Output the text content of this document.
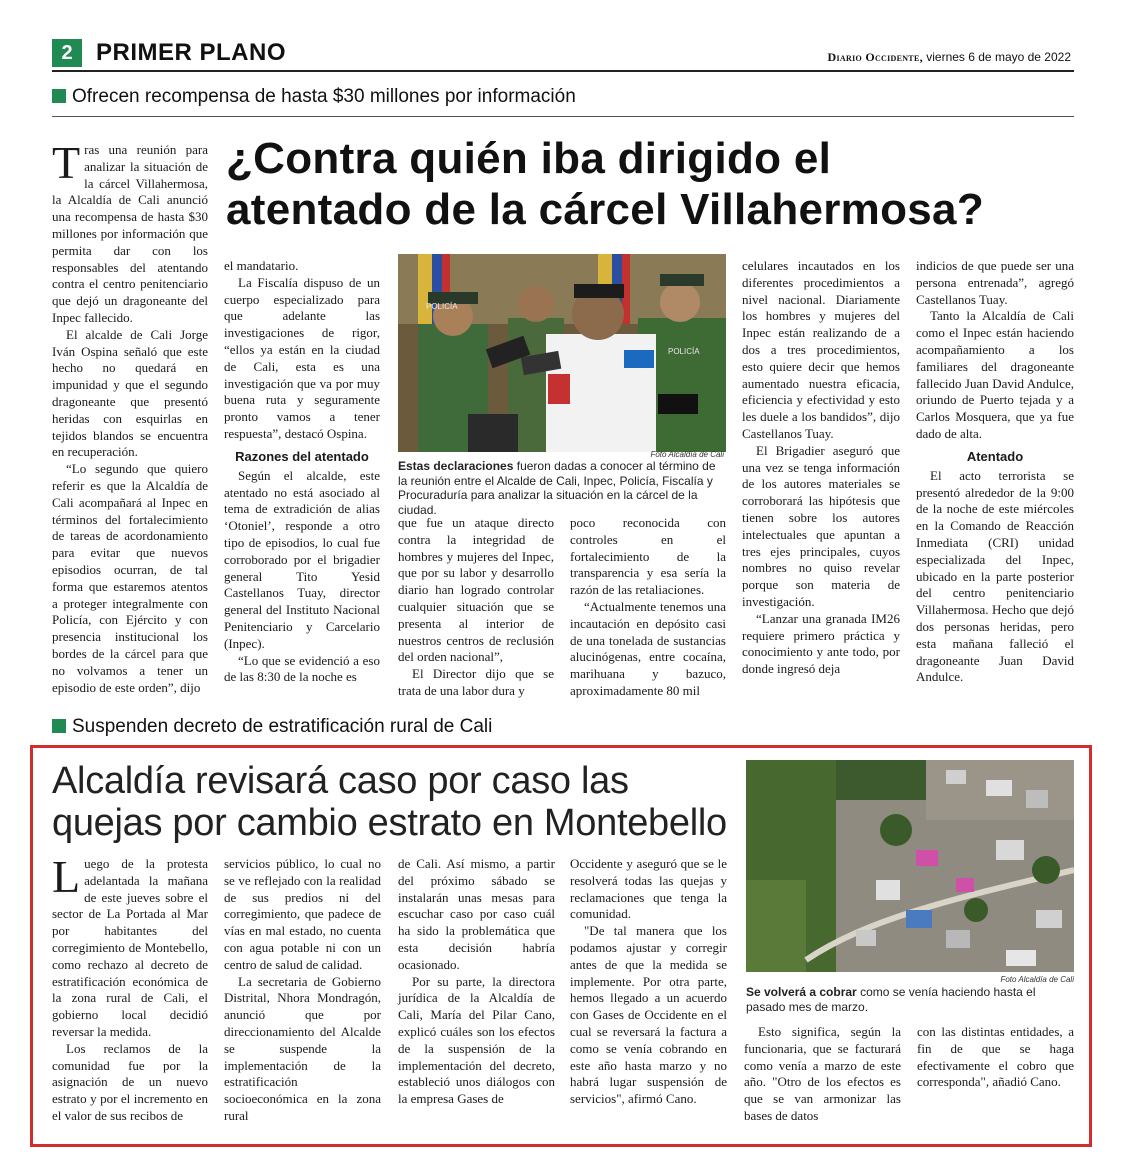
2 PRIMER PLANO	Diario Occidente, viernes 6 de mayo de 2022
Ofrecen recompensa de hasta $30 millones por información
¿Contra quién iba dirigido el
atentado de la cárcel Villahermosa?

Tras una reunión para analizar la situación de la cárcel Villahermosa, la Alcaldía de Cali anunció una recompensa de hasta $30 millones por información que permita dar con los responsables del atentando contra el centro penitenciario que dejó un dragoneante del Inpec fallecido.

El alcalde de Cali Jorge Iván Ospina señaló que este hecho no quedará en impunidad y que el segundo dragoneante que presentó heridas con esquirlas en tejidos blandos se encuentra en recuperación.

“Lo segundo que quiero referir es que la Alcaldía de Cali acompañará al Inpec en términos del fortalecimiento de tareas de acordonamiento para evitar que nuevos episodios ocurran, de tal forma que estaremos atentos a proteger integralmente con Policía, con Ejército y con presencia institucional los bordes de la cárcel para que no volvamos a tener un episodio de este orden”, dijo

el mandatario.

La Fiscalía dispuso de un cuerpo especializado para que adelante las investigaciones de rigor, “ellos ya están en la ciudad de Cali, esta es una investigación que va por muy buena ruta y seguramente pronto vamos a tener respuesta”, destacó Ospina.

Razones del atentado

Según el alcalde, este atentado no está asociado al tema de extradición de alias ‘Otoniel’, responde a otro tipo de episodios, lo cual fue corroborado por el brigadier general Tito Yesid Castellanos Tuay, director general del Instituto Nacional Penitenciario y Carcelario (Inpec).

“Lo que se evidenció a eso de las 8:30 de la noche es

POLICÍA
POLICÍA
Foto Alcaldía de Cali
Estas declaraciones fueron dadas a conocer al término de la reunión entre el Alcalde de Cali, Inpec, Policía, Fiscalía y Procuraduría para analizar la situación en la cárcel de la ciudad.

que fue un ataque directo contra la integridad de hombres y mujeres del Inpec, que por su labor y desarrollo diario han logrado controlar cualquier situación que se presenta al interior de nuestros centros de reclusión del orden nacional”,

El Director dijo que se trata de una labor dura y

poco reconocida con controles en el fortalecimiento de la transparencia y esa sería la razón de las retaliaciones.

“Actualmente tenemos una incautación en depósito casi de una tonelada de sustancias alucinógenas, entre cocaína, marihuana y bazuco, aproximadamente 80 mil

celulares incautados en los diferentes procedimientos a nivel nacional. Diariamente los hombres y mujeres del Inpec están realizando de a dos a tres procedimientos, esto quiere decir que hemos aumentado nuestra eficacia, eficiencia y efectividad y esto les duele a los bandidos”, dijo Castellanos Tuay.

El Brigadier aseguró que una vez se tenga información de los autores materiales se corroborará las hipótesis que tienen sobre los autores intelectuales que apuntan a tres ejes principales, cuyos nombres no quiso revelar porque son materia de investigación.

“Lanzar una granada IM26 requiere primero práctica y conocimiento y ante todo, por donde ingresó deja

indicios de que puede ser una persona entrenada”, agregó Castellanos Tuay.

Tanto la Alcaldía de Cali como el Inpec están haciendo acompañamiento a los familiares del dragoneante fallecido Juan David Andulce, oriundo de Puerto tejada y a Carlos Mosquera, que ya fue dado de alta.

Atentado

El acto terrorista se presentó alrededor de la 9:00 de la noche de este miércoles en la Comando de Reacción Inmediata (CRI) unidad especializada del Inpec, ubicado en la parte posterior del centro penitenciario Villahermosa. Hecho que dejó dos personas heridas, pero esta mañana falleció el dragoneante Juan David Andulce.

Suspenden decreto de estratificación rural de Cali
Alcaldía revisará caso por caso las
quejas por cambio estrato en Montebello

Luego de la protesta adelantada la mañana de este jueves sobre el sector de La Portada al Mar por habitantes del corregimiento de Montebello, como rechazo al decreto de estratificación económica de la zona rural de Cali, el gobierno local decidió reversar la medida.

Los reclamos de la comunidad fue por la asignación de un nuevo estrato y por el incremento en el valor de sus recibos de

servicios público, lo cual no se ve reflejado con la realidad de sus predios ni del corregimiento, que padece de vías en mal estado, no cuenta con agua potable ni con un centro de salud de calidad.

La secretaria de Gobierno Distrital, Nhora Mondragón, anunció que por direccionamiento del Alcalde se suspende la implementación de la estratificación socioeconómica en la zona rural

de Cali. Así mismo, a partir del próximo sábado se instalarán unas mesas para escuchar caso por caso cuál ha sido la problemática que esta decisión habría ocasionado.

Por su parte, la directora jurídica de la Alcaldía de Cali, María del Pilar Cano, explicó cuáles son los efectos de la suspensión de la implementación del decreto, estableció unos diálogos con la empresa Gases de

Occidente y aseguró que se le resolverá todas las quejas y reclamaciones que tenga la comunidad.

"De tal manera que los podamos ajustar y corregir antes de que la medida se implemente. Por otra parte, hemos llegado a un acuerdo con Gases de Occidente en el cual se reversará la factura a como se venía cobrando en este año hasta marzo y no habrá lugar suspensión de servicios", afirmó Cano.

Foto Alcaldía de Cali
Se volverá a cobrar como se venía haciendo hasta el pasado mes de marzo.

Esto significa, según la funcionaria, que se facturará como venía a marzo de este año. "Otro de los efectos es que se van armonizar las bases de datos

con las distintas entidades, a fin de que se haga efectivamente el cobro que corresponda", añadió Cano.
